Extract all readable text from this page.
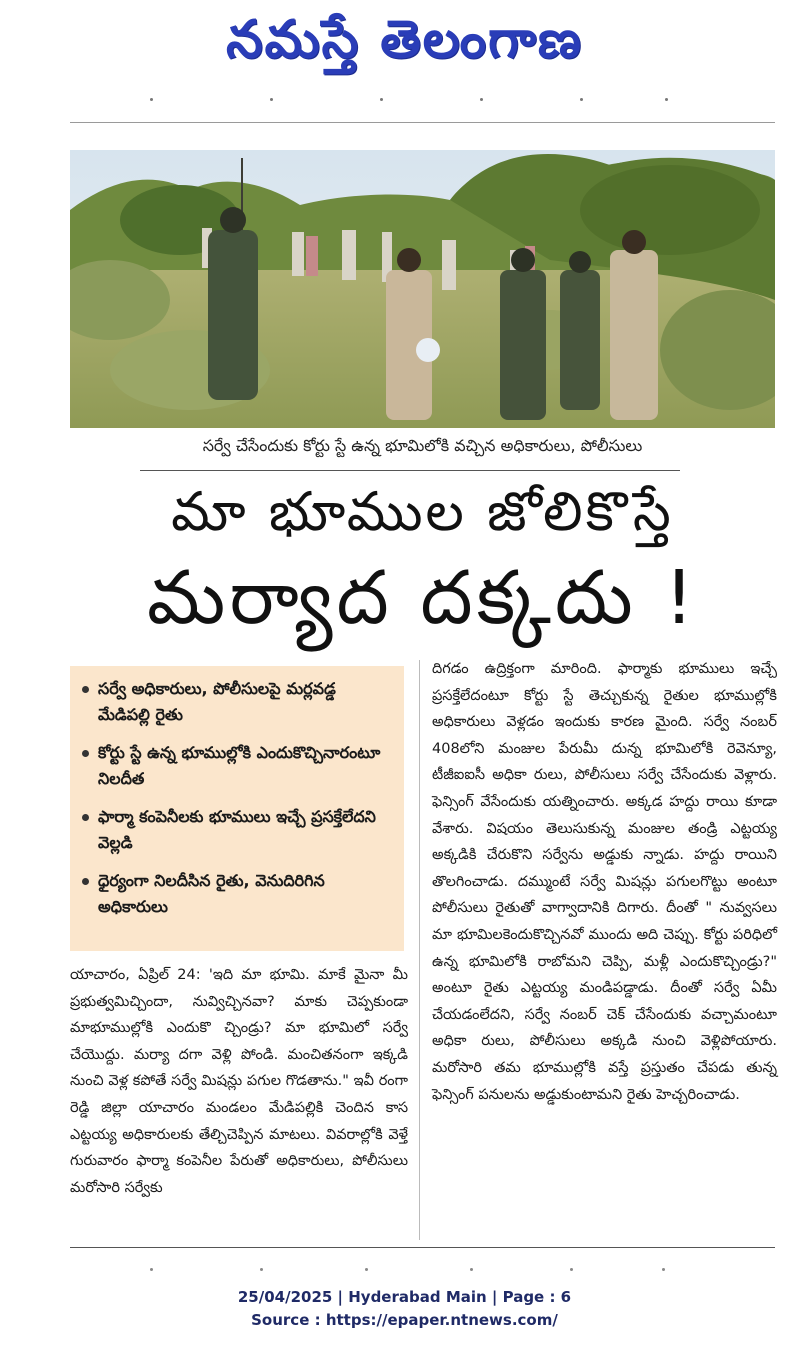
నమస్తే తెలంగాణ
సర్వే చేసేందుకు కోర్టు స్టే ఉన్న భూమిలోకి వచ్చిన అధికారులు, పోలీసులు
మా భూముల జోలికొస్తే
మర్యాద దక్కదు !
సర్వే అధికారులు, పోలీసులపై మర్లవడ్డ మేడిపల్లి రైతు
కోర్టు స్టే ఉన్న భూముల్లోకి ఎందుకొచ్చినారంటూ నిలదీత
ఫార్మా కంపెనీలకు భూములు ఇచ్చే ప్రసక్తేలేదని వెల్లడి
ధైర్యంగా నిలదీసిన రైతు, వెనుదిరిగిన అధికారులు
యాచారం, ఏప్రిల్ 24: 'ఇది మా భూమి. మాకే మైనా మీ ప్రభుత్వమిచ్చిందా, నువ్విచ్చినవా? మాకు చెప్పకుండా మాభూముల్లోకి ఎందుకొ చ్చిండ్రు? మా భూమిలో సర్వే చేయొద్దు. మర్యా దగా వెళ్లి పోండి. మంచితనంగా ఇక్కడి నుంచి వెళ్ల కపోతే సర్వే మిషన్లు పగుల గొడతాను." ఇవీ రంగా రెడ్డి జిల్లా యాచారం మండలం మేడిపల్లికి చెందిన కాస ఎట్టయ్య అధికారులకు తేల్చిచెప్పిన మాటలు. వివరాల్లోకి వెళ్తే గురువారం ఫార్మా కంపెనీల పేరుతో అధికారులు, పోలీసులు మరోసారి సర్వేకు
దిగడం ఉద్రిక్తంగా మారింది. ఫార్మాకు భూములు ఇచ్చే ప్రసక్తేలేదంటూ కోర్టు స్టే తెచ్చుకున్న రైతుల భూముల్లోకి అధికారులు వెళ్లడం ఇందుకు కారణ మైంది. సర్వే నంబర్ 408లోని మంజుల పేరుమీ దున్న భూమిలోకి రెవెన్యూ, టీజీఐఐసీ అధికా రులు, పోలీసులు సర్వే చేసేందుకు వెళ్లారు. ఫెన్సింగ్ వేసేందుకు యత్నించారు. అక్కడ హద్దు రాయి కూడా వేశారు. విషయం తెలుసుకున్న మంజుల తండ్రి ఎట్టయ్య అక్కడికి చేరుకొని సర్వేను అడ్డుకు న్నాడు. హద్దు రాయిని తొలగించాడు. దమ్ముంటే సర్వే మిషన్లు పగులగొట్టు అంటూ పోలీసులు రైతుతో వాగ్వాదానికి దిగారు. దీంతో " నువ్వసలు మా భూమిలకెందుకొచ్చినవో ముందు అది చెప్పు. కోర్టు పరిధిలో ఉన్న భూమిలోకి రాబోమని చెప్పి, మళ్లీ ఎందుకొచ్చిండ్రు?" అంటూ రైతు ఎట్టయ్య మండిపడ్డాడు. దీంతో సర్వే ఏమీ చేయడంలేదని, సర్వే నంబర్ చెక్ చేసేందుకు వచ్చామంటూ అధికా రులు, పోలీసులు అక్కడి నుంచి వెళ్లిపోయారు. మరోసారి తమ భూముల్లోకి వస్తే ప్రస్తుతం చేపడు తున్న ఫెన్సింగ్ పనులను అడ్డుకుంటామని రైతు హెచ్చరించాడు.
25/04/2025 | Hyderabad Main | Page : 6
Source : https://epaper.ntnews.com/
